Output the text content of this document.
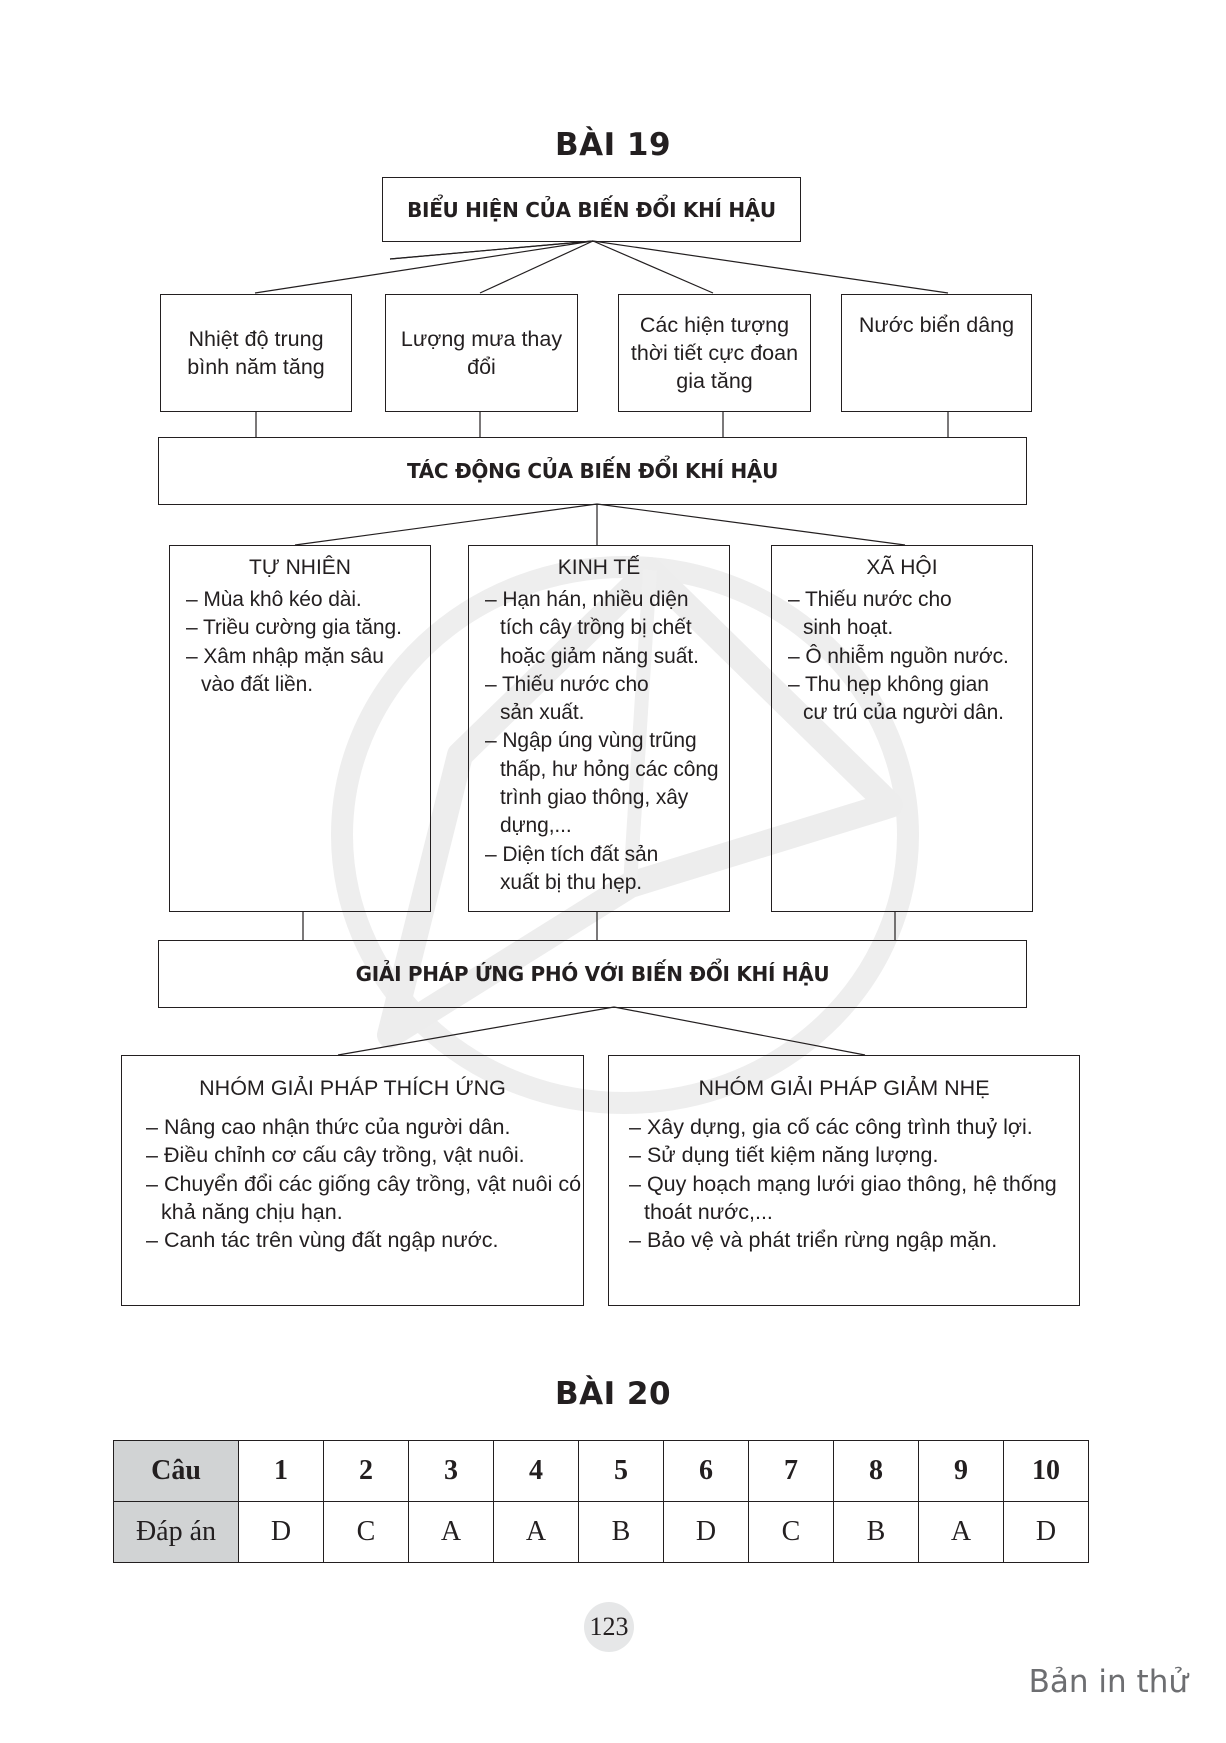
BÀI 19
BIỂU HIỆN CỦA BIẾN ĐỔI KHÍ HẬU
Nhiệt độ trung bình năm tăng
Lượng mưa thay đổi
Các hiện tượng thời tiết cực đoan gia tăng
Nước biển dâng
TÁC ĐỘNG CỦA BIẾN ĐỔI KHÍ HẬU
TỰ NHIÊN
– Mùa khô kéo dài.
– Triều cường gia tăng.
– Xâm nhập mặn sâu vào đất liền.
KINH TẾ
– Hạn hán, nhiều diện tích cây trồng bị chết hoặc giảm năng suất.
– Thiếu nước cho sản xuất.
– Ngập úng vùng trũng thấp, hư hỏng các công trình giao thông, xây dựng,...
– Diện tích đất sản xuất bị thu hẹp.
XÃ HỘI
– Thiếu nước cho sinh hoạt.
– Ô nhiễm nguồn nước.
– Thu hẹp không gian cư trú của người dân.
GIẢI PHÁP ỨNG PHÓ VỚI BIẾN ĐỔI KHÍ HẬU
NHÓM GIẢI PHÁP THÍCH ỨNG
– Nâng cao nhận thức của người dân.
– Điều chỉnh cơ cấu cây trồng, vật nuôi.
– Chuyển đổi các giống cây trồng, vật nuôi có khả năng chịu hạn.
– Canh tác trên vùng đất ngập nước.
NHÓM GIẢI PHÁP GIẢM NHẸ
– Xây dựng, gia cố các công trình thuỷ lợi.
– Sử dụng tiết kiệm năng lượng.
– Quy hoạch mạng lưới giao thông, hệ thống thoát nước,...
– Bảo vệ và phát triển rừng ngập mặn.
BÀI 20
Câu	1	2	3	4	5	6	7	8	9	10
Đáp án	D	C	A	A	B	D	C	B	A	D
123
Bản in thử
